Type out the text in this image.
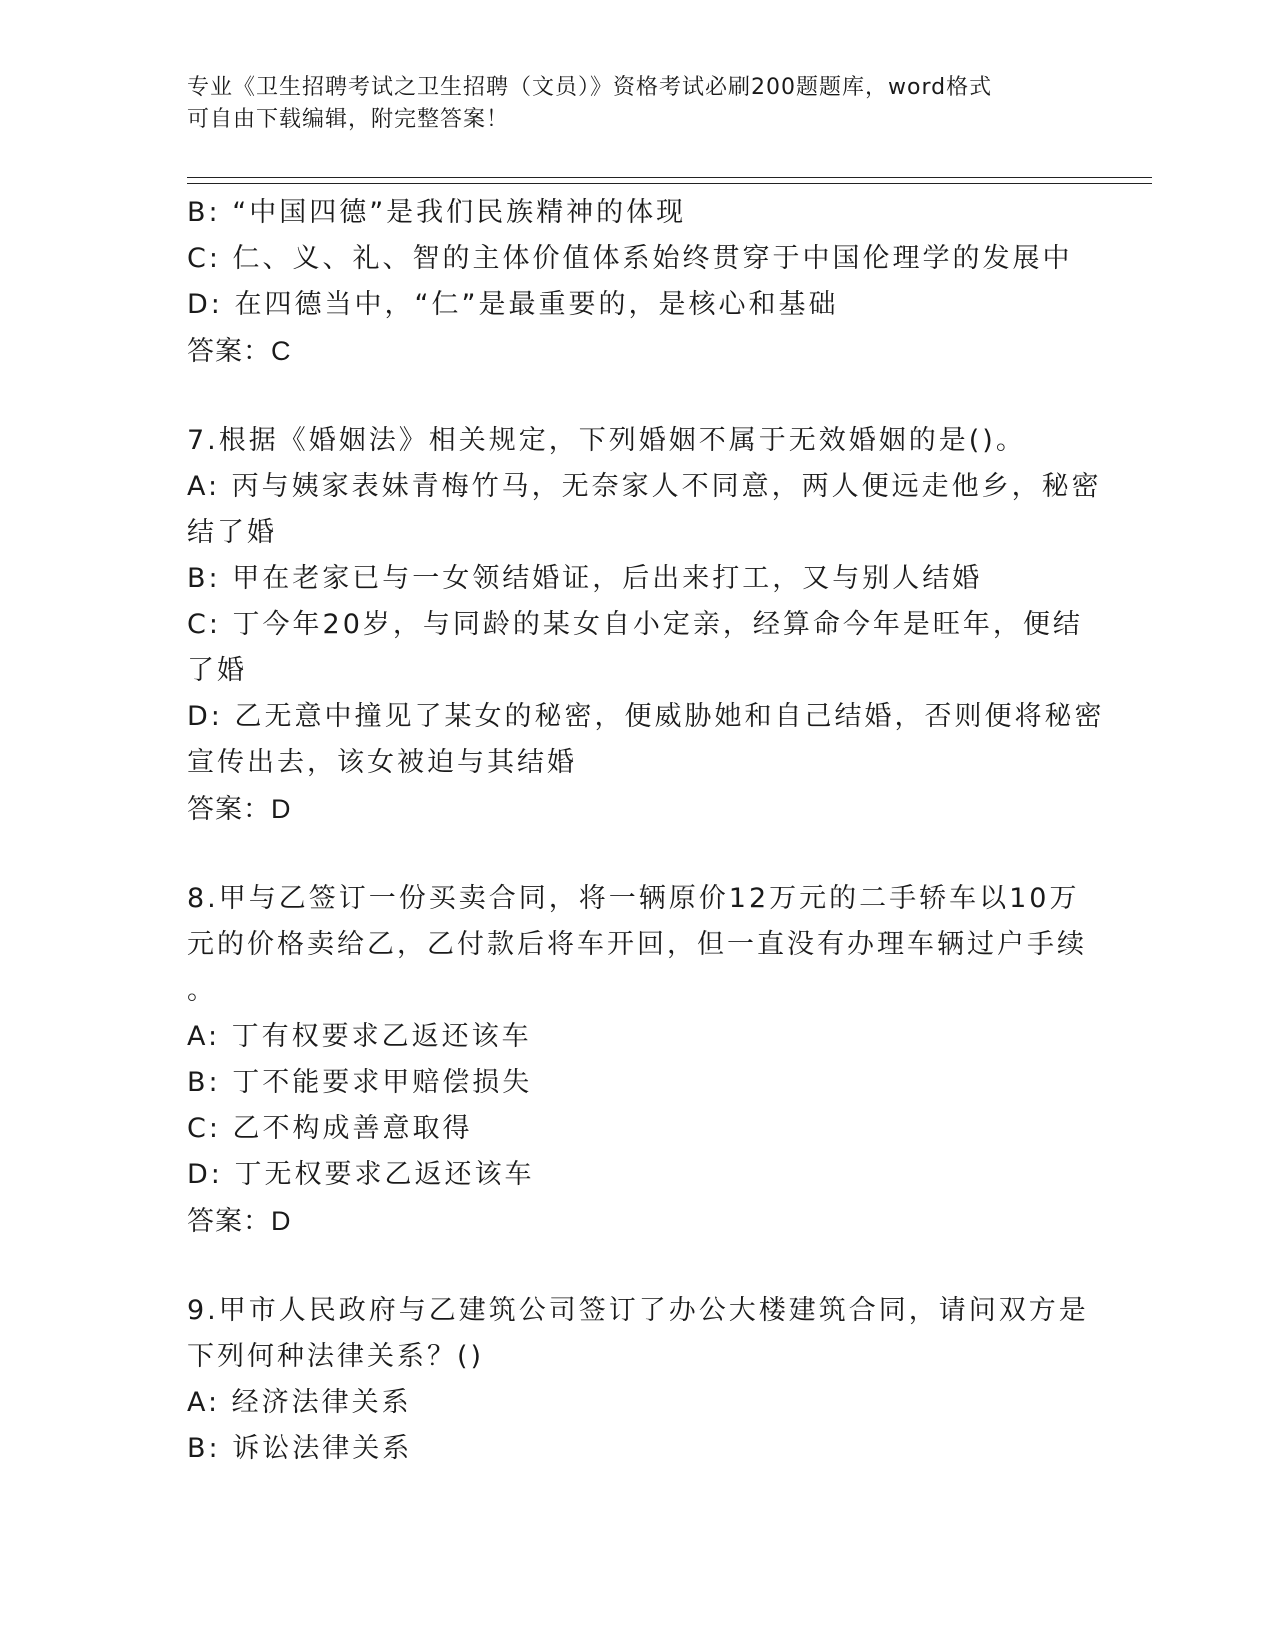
专业《卫生招聘考试之卫生招聘（文员）》资格考试必刷200题题库，word格式
可自由下载编辑，附完整答案！
B: “中国四德”是我们民族精神的体现
C: 仁、义、礼、智的主体价值体系始终贯穿于中国伦理学的发展中
D: 在四德当中，“仁”是最重要的，是核心和基础
答案：C
7.根据《婚姻法》相关规定，下列婚姻不属于无效婚姻的是()。
A: 丙与姨家表妹青梅竹马，无奈家人不同意，两人便远走他乡，秘密
结了婚
B: 甲在老家已与一女领结婚证，后出来打工，又与别人结婚
C: 丁今年20岁，与同龄的某女自小定亲，经算命今年是旺年，便结
了婚
D: 乙无意中撞见了某女的秘密，便威胁她和自己结婚，否则便将秘密
宣传出去，该女被迫与其结婚
答案：D
8.甲与乙签订一份买卖合同，将一辆原价12万元的二手轿车以10万
元的价格卖给乙，乙付款后将车开回，但一直没有办理车辆过户手续
。
A: 丁有权要求乙返还该车
B: 丁不能要求甲赔偿损失
C: 乙不构成善意取得
D: 丁无权要求乙返还该车
答案：D
9.甲市人民政府与乙建筑公司签订了办公大楼建筑合同，请问双方是
下列何种法律关系？()
A: 经济法律关系
B: 诉讼法律关系
